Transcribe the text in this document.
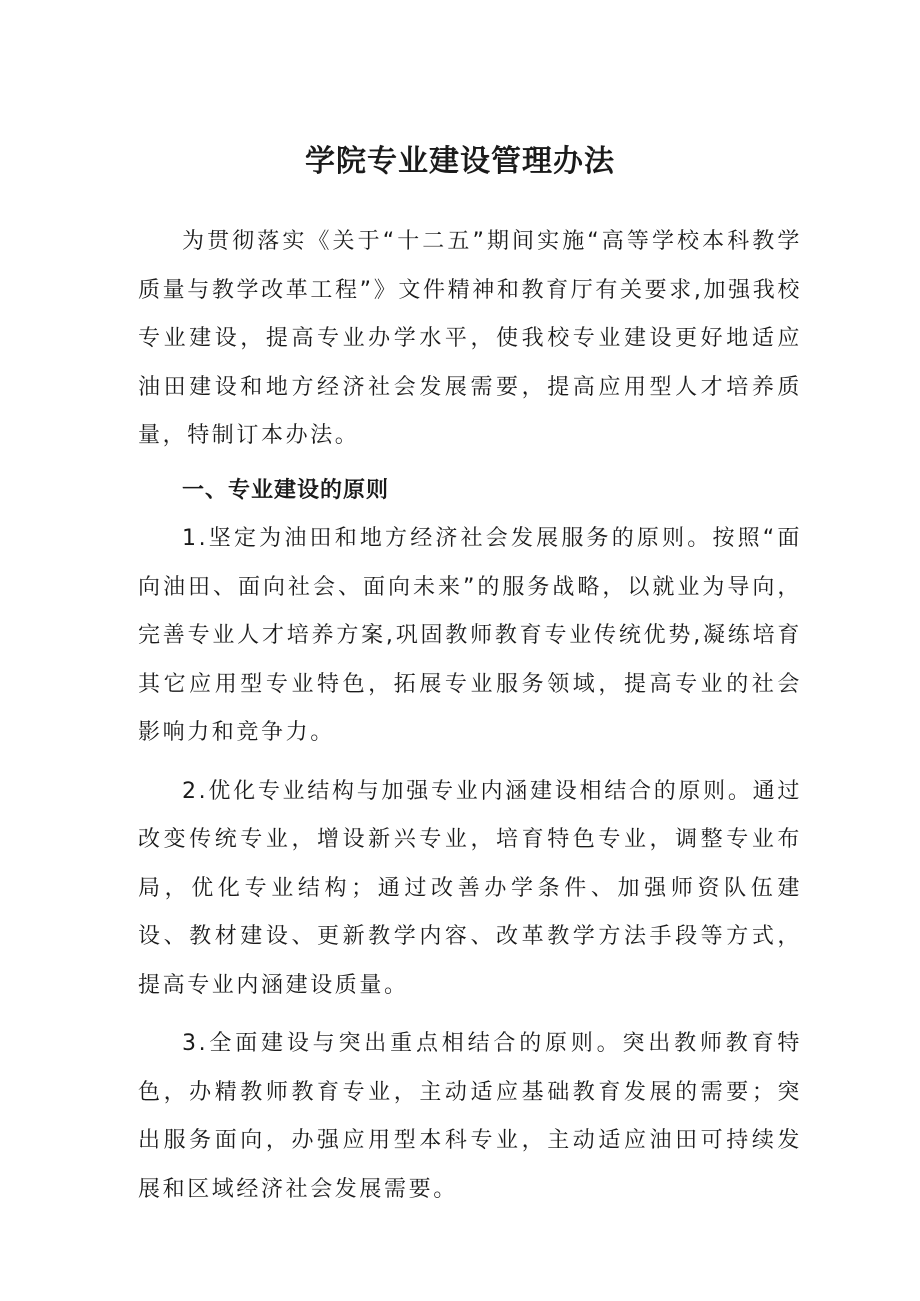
学院专业建设管理办法

为贯彻落实《关于“十二五”期间实施“高等学校本科教学质量与教学改革工程”》文件精神和教育厅有关要求,加强我校专业建设，提高专业办学水平，使我校专业建设更好地适应油田建设和地方经济社会发展需要，提高应用型人才培养质量，特制订本办法。

一、专业建设的原则

1.坚定为油田和地方经济社会发展服务的原则。按照“面向油田、面向社会、面向未来”的服务战略，以就业为导向，完善专业人才培养方案,巩固教师教育专业传统优势,凝练培育其它应用型专业特色，拓展专业服务领域，提高专业的社会影响力和竞争力。

2.优化专业结构与加强专业内涵建设相结合的原则。通过改变传统专业，增设新兴专业，培育特色专业，调整专业布局，优化专业结构；通过改善办学条件、加强师资队伍建设、教材建设、更新教学内容、改革教学方法手段等方式，提高专业内涵建设质量。

3.全面建设与突出重点相结合的原则。突出教师教育特色，办精教师教育专业，主动适应基础教育发展的需要；突出服务面向，办强应用型本科专业，主动适应油田可持续发展和区域经济社会发展需要。
